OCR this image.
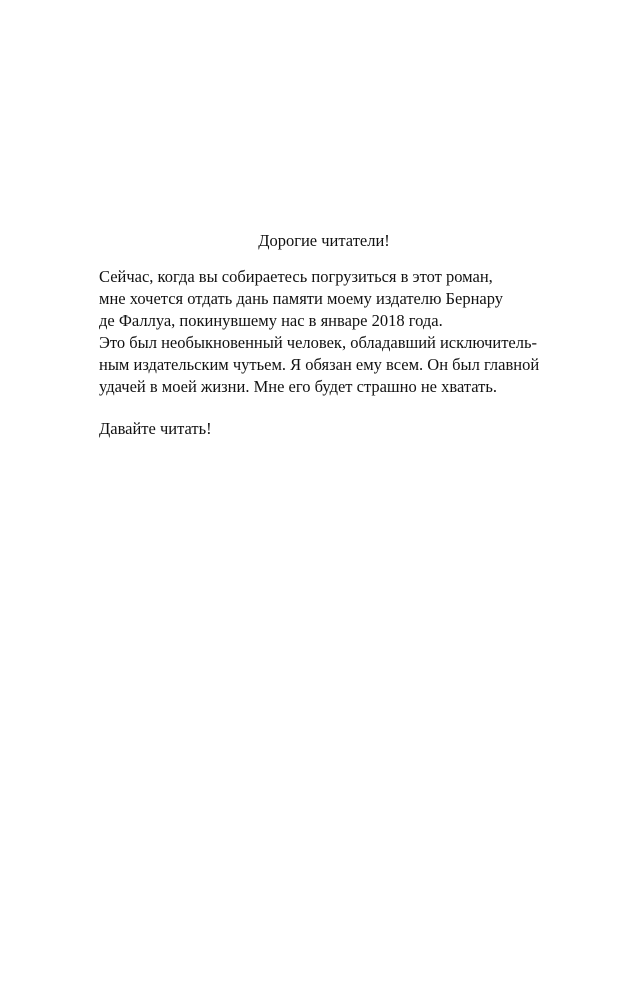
Дорогие читатели!

Сейчас, когда вы собираетесь погрузиться в этот роман,
мне хочется отдать дань памяти моему издателю Бернару
де Фаллуа, покинувшему нас в январе 2018 года.
Это был необыкновенный человек, обладавший исключитель-
ным издательским чутьем. Я обязан ему всем. Он был главной
удачей в моей жизни. Мне его будет страшно не хватать.

Давайте читать!
